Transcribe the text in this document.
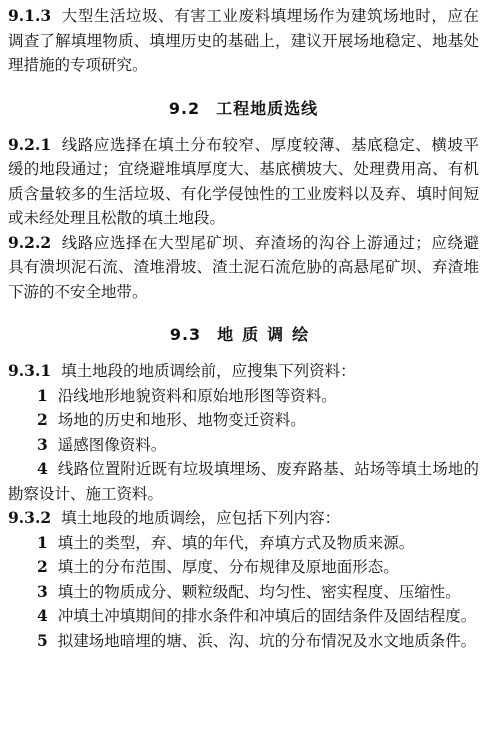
9.1.3 大型生活垃圾、有害工业废料填埋场作为建筑场地时，应在调查了解填埋物质、填埋历史的基础上，建议开展场地稳定、地基处理措施的专项研究。

9.2 工程地质选线

9.2.1 线路应选择在填土分布较窄、厚度较薄、基底稳定、横坡平缓的地段通过；宜绕避堆填厚度大、基底横坡大、处理费用高、有机质含量较多的生活垃圾、有化学侵蚀性的工业废料以及弃、填时间短或未经处理且松散的填土地段。

9.2.2 线路应选择在大型尾矿坝、弃渣场的沟谷上游通过；应绕避具有溃坝泥石流、渣堆滑坡、渣土泥石流危胁的高悬尾矿坝、弃渣堆下游的不安全地带。

9.3 地质调绘

9.3.1 填土地段的地质调绘前，应搜集下列资料：

1 沿线地形地貌资料和原始地形图等资料。

2 场地的历史和地形、地物变迁资料。

3 遥感图像资料。

4 线路位置附近既有垃圾填埋场、废弃路基、站场等填土场地的勘察设计、施工资料。

9.3.2 填土地段的地质调绘，应包括下列内容：

1 填土的类型，弃、填的年代，弃填方式及物质来源。

2 填土的分布范围、厚度、分布规律及原地面形态。

3 填土的物质成分、颗粒级配、均匀性、密实程度、压缩性。

4 冲填土冲填期间的排水条件和冲填后的固结条件及固结程度。

5 拟建场地暗埋的塘、浜、沟、坑的分布情况及水文地质条件。
